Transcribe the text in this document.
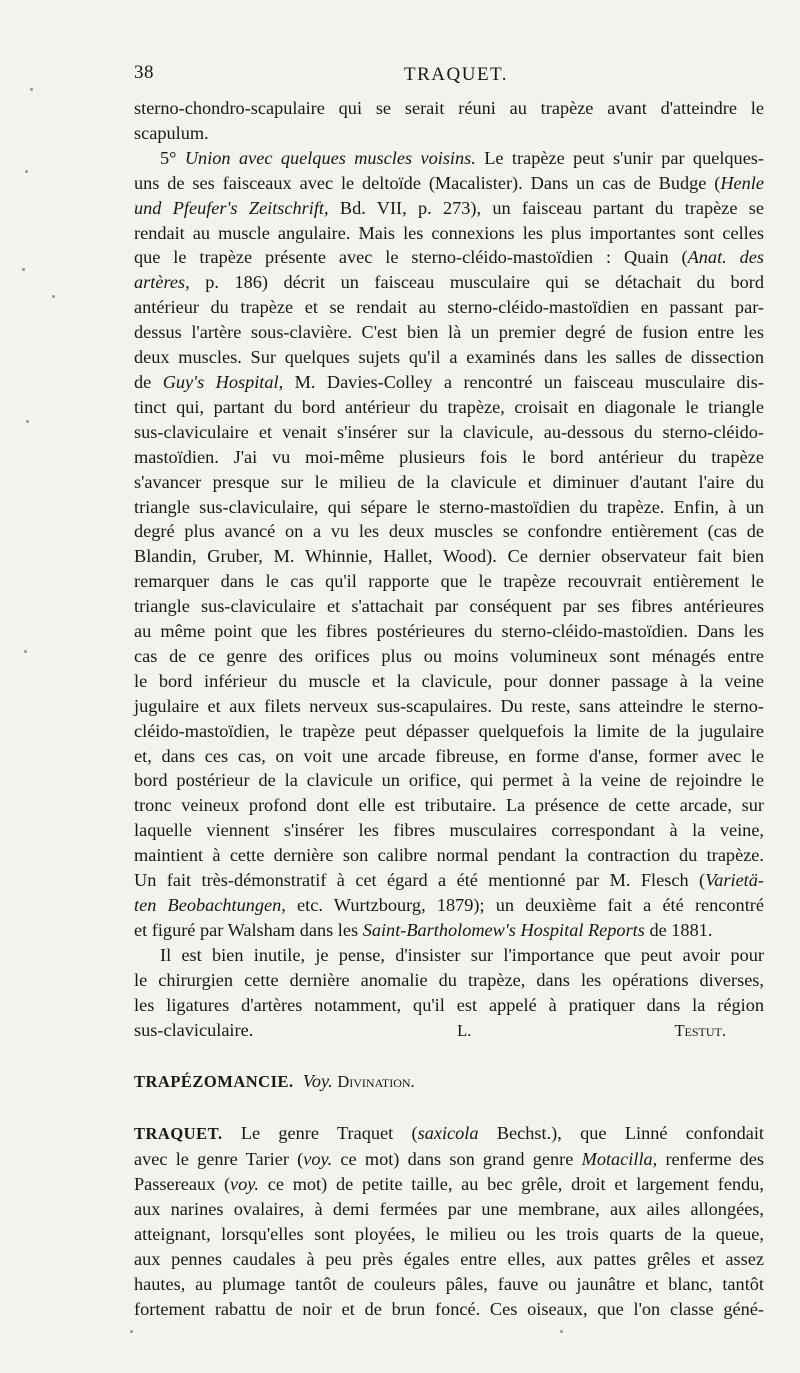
38	TRAQUET.
sterno-chondro-scapulaire qui se serait réuni au trapèze avant d'atteindre le
scapulum.
5° Union avec quelques muscles voisins. Le trapèze peut s'unir par quelques-
uns de ses faisceaux avec le deltoïde (Macalister). Dans un cas de Budge (Henle
und Pfeufer's Zeitschrift, Bd. VII, p. 273), un faisceau partant du trapèze se
rendait au muscle angulaire. Mais les connexions les plus importantes sont celles
que le trapèze présente avec le sterno-cléido-mastoïdien : Quain (Anat. des
artères, p. 186) décrit un faisceau musculaire qui se détachait du bord
antérieur du trapèze et se rendait au sterno-cléido-mastoïdien en passant par-
dessus l'artère sous-clavière. C'est bien là un premier degré de fusion entre les
deux muscles. Sur quelques sujets qu'il a examinés dans les salles de dissection
de Guy's Hospital, M. Davies-Colley a rencontré un faisceau musculaire dis-
tinct qui, partant du bord antérieur du trapèze, croisait en diagonale le triangle
sus-claviculaire et venait s'insérer sur la clavicule, au-dessous du sterno-cléido-
mastoïdien. J'ai vu moi-même plusieurs fois le bord antérieur du trapèze
s'avancer presque sur le milieu de la clavicule et diminuer d'autant l'aire du
triangle sus-claviculaire, qui sépare le sterno-mastoïdien du trapèze. Enfin, à un
degré plus avancé on a vu les deux muscles se confondre entièrement (cas de
Blandin, Gruber, M. Whinnie, Hallet, Wood). Ce dernier observateur fait bien
remarquer dans le cas qu'il rapporte que le trapèze recouvrait entièrement le
triangle sus-claviculaire et s'attachait par conséquent par ses fibres antérieures
au même point que les fibres postérieures du sterno-cléido-mastoïdien. Dans les
cas de ce genre des orifices plus ou moins volumineux sont ménagés entre
le bord inférieur du muscle et la clavicule, pour donner passage à la veine
jugulaire et aux filets nerveux sus-scapulaires. Du reste, sans atteindre le sterno-
cléido-mastoïdien, le trapèze peut dépasser quelquefois la limite de la jugulaire
et, dans ces cas, on voit une arcade fibreuse, en forme d'anse, former avec le
bord postérieur de la clavicule un orifice, qui permet à la veine de rejoindre le
tronc veineux profond dont elle est tributaire. La présence de cette arcade, sur
laquelle viennent s'insérer les fibres musculaires correspondant à la veine,
maintient à cette dernière son calibre normal pendant la contraction du trapèze.
Un fait très-démonstratif à cet égard a été mentionné par M. Flesch (Varietä-
ten Beobachtungen, etc. Wurtzbourg, 1879); un deuxième fait a été rencontré
et figuré par Walsham dans les Saint-Bartholomew's Hospital Reports de 1881.
Il est bien inutile, je pense, d'insister sur l'importance que peut avoir pour
le chirurgien cette dernière anomalie du trapèze, dans les opérations diverses,
les ligatures d'artères notamment, qu'il est appelé à pratiquer dans la région
sus-claviculaire.	L. Testut.
TRAPÉZOMANCIE. Voy. Divination.
TRAQUET. Le genre Traquet (saxicola Bechst.), que Linné confondait
avec le genre Tarier (voy. ce mot) dans son grand genre Motacilla, renferme des
Passereaux (voy. ce mot) de petite taille, au bec grêle, droit et largement fendu,
aux narines ovalaires, à demi fermées par une membrane, aux ailes allongées,
atteignant, lorsqu'elles sont ployées, le milieu ou les trois quarts de la queue,
aux pennes caudales à peu près égales entre elles, aux pattes grêles et assez
hautes, au plumage tantôt de couleurs pâles, fauve ou jaunâtre et blanc, tantôt
fortement rabattu de noir et de brun foncé. Ces oiseaux, que l'on classe géné-
